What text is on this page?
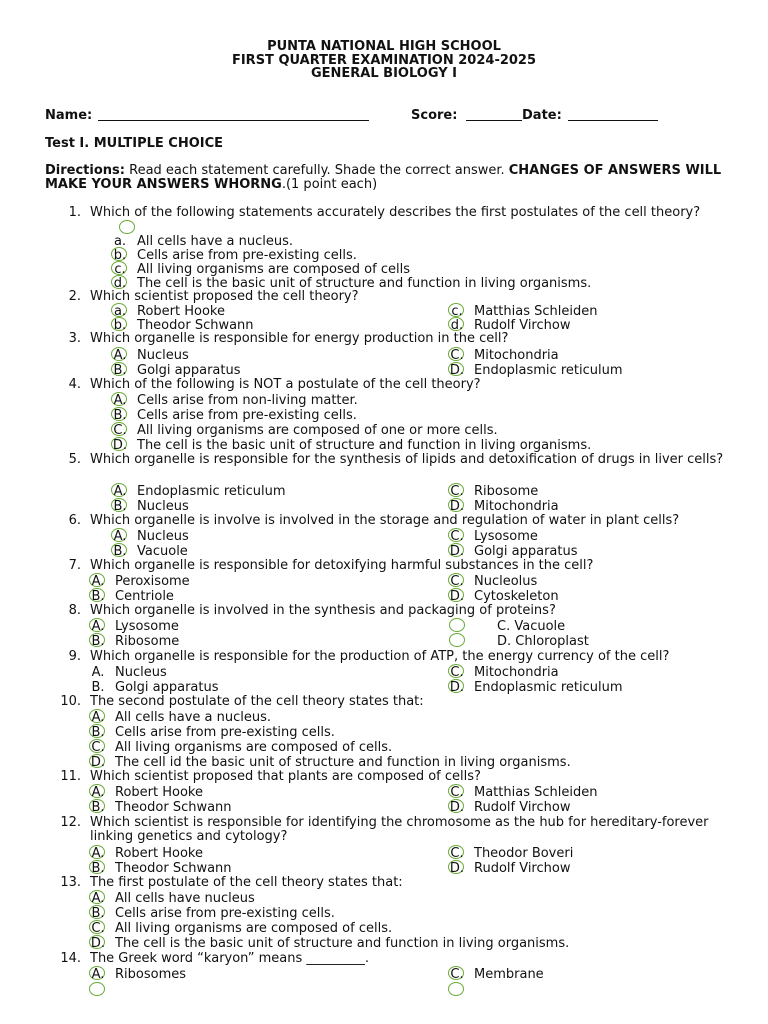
PUNTA NATIONAL HIGH SCHOOL
FIRST QUARTER EXAMINATION 2024-2025
GENERAL BIOLOGY I
Name:	Score:	Date:
Test I. MULTIPLE CHOICE
Directions: Read each statement carefully. Shade the correct answer. CHANGES OF ANSWERS WILL MAKE YOUR ANSWERS WHORNG.(1 point each)
1. Which of the following statements accurately describes the first postulates of the cell theory?
a. All cells have a nucleus.
b. Cells arise from pre-existing cells.
c. All living organisms are composed of cells
d. The cell is the basic unit of structure and function in living organisms.
2. Which scientist proposed the cell theory?
a. Robert Hooke
b. Theodor Schwann
c. Matthias Schleiden
d. Rudolf Virchow
3. Which organelle is responsible for energy production in the cell?
A. Nucleus
B. Golgi apparatus
C. Mitochondria
D. Endoplasmic reticulum
4. Which of the following is NOT a postulate of the cell theory?
A. Cells arise from non-living matter.
B. Cells arise from pre-existing cells.
C. All living organisms are composed of one or more cells.
D. The cell is the basic unit of structure and function in living organisms.
5. Which organelle is responsible for the synthesis of lipids and detoxification of drugs in liver cells?
A. Endoplasmic reticulum
B. Nucleus
C. Ribosome
D. Mitochondria
6. Which organelle is involve is involved in the storage and regulation of water in plant cells?
A. Nucleus
B. Vacuole
C. Lysosome
D. Golgi apparatus
7. Which organelle is responsible for detoxifying harmful substances in the cell?
A. Peroxisome
B. Centriole
C. Nucleolus
D. Cytoskeleton
8. Which organelle is involved in the synthesis and packaging of proteins?
A. Lysosome
B. Ribosome
C. Vacuole
D. Chloroplast
9. Which organelle is responsible for the production of ATP, the energy currency of the cell?
A. Nucleus
B. Golgi apparatus
C. Mitochondria
D. Endoplasmic reticulum
10. The second postulate of the cell theory states that:
A. All cells have a nucleus.
B. Cells arise from pre-existing cells.
C. All living organisms are composed of cells.
D. The cell id the basic unit of structure and function in living organisms.
11. Which scientist proposed that plants are composed of cells?
A. Robert Hooke
B. Theodor Schwann
C. Matthias Schleiden
D. Rudolf Virchow
12. Which scientist is responsible for identifying the chromosome as the hub for hereditary-forever linking genetics and cytology?
A. Robert Hooke
B. Theodor Schwann
C. Theodor Boveri
D. Rudolf Virchow
13. The first postulate of the cell theory states that:
A. All cells have nucleus
B. Cells arise from pre-existing cells.
C. All living organisms are composed of cells.
D. The cell is the basic unit of structure and function in living organisms.
14. The Greek word “karyon” means _________.
A. Ribosomes	C. Membrane
